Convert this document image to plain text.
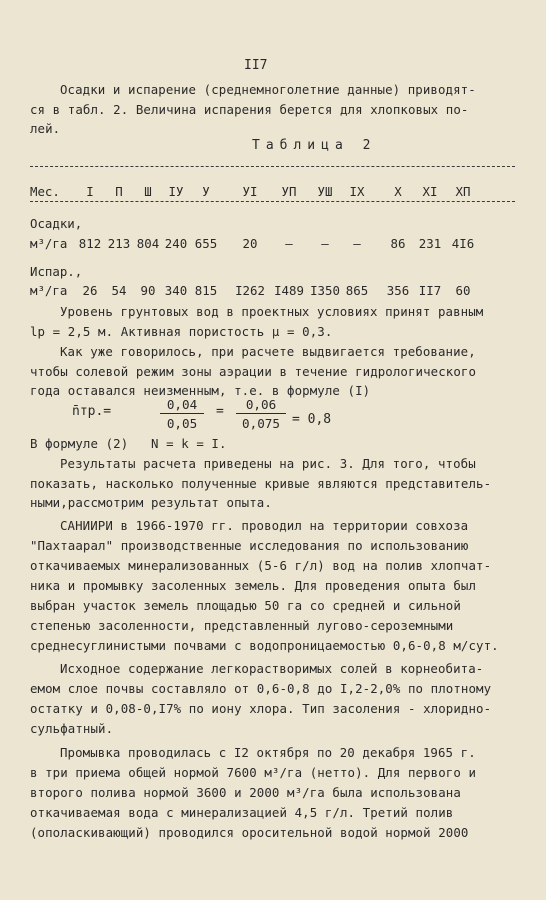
II7
Осадки и испарение (среднемноголетние данные) приводят-
ся в табл. 2. Величина испарения берется для хлопковых по-
лей.
Таблица 2
Мес.	I	П	Ш	IУ	У	УI	УП	УШ	IX	X	XI	XП
Осадки,
м³/га 812 213 804 240 655	20	–	–	–	86	231 4I6
Испар.,
м³/га	26	54	90 340 815	I262 I489 I350 865	356 II7	60
Уровень грунтовых вод в проектных условиях принят равным
lр = 2,5 м. Активная пористость μ = 0,3.
Как уже говорилось, при расчете выдвигается требование,
чтобы солевой режим зоны аэрации в течение гидрологического
года оставался неизменным, т.е. в формуле (I)
n̄тр.=	$\frac{0,04}{0,05} = \frac{0,06}{0,075} = 0,8$
В формуле (2)   N = k = I.
Результаты расчета приведены на рис. 3. Для того, чтобы
показать, насколько полученные кривые являются представитель-
ными,рассмотрим результат опыта.
САНИИРИ в 1966-1970 гг. проводил на территории совхоза
"Пахтаарал" производственные исследования по использованию
откачиваемых минерализованных (5-6 г/л) вод на полив хлопчат-
ника и промывку засоленных земель. Для проведения опыта был
выбран участок земель площадью 50 га со средней и сильной
степенью засоленности, представленный лугово-сероземными
среднесуглинистыми почвами с водопроницаемостью 0,6-0,8 м/сут.
Исходное содержание легкорастворимых солей в корнеобита-
емом слое почвы составляло от 0,6-0,8 до I,2-2,0% по плотному
остатку и 0,08-0,I7% по иону хлора. Тип засоления - хлоридно-
сульфатный.
Промывка проводилась с I2 октября по 20 декабря 1965 г.
в три приема общей нормой 7600 м³/га (нетто). Для первого и
второго полива нормой 3600 и 2000 м³/га была использована
откачиваемая вода с минерализацией 4,5 г/л. Третий полив
(ополаскивающий) проводился оросительной водой нормой 2000
